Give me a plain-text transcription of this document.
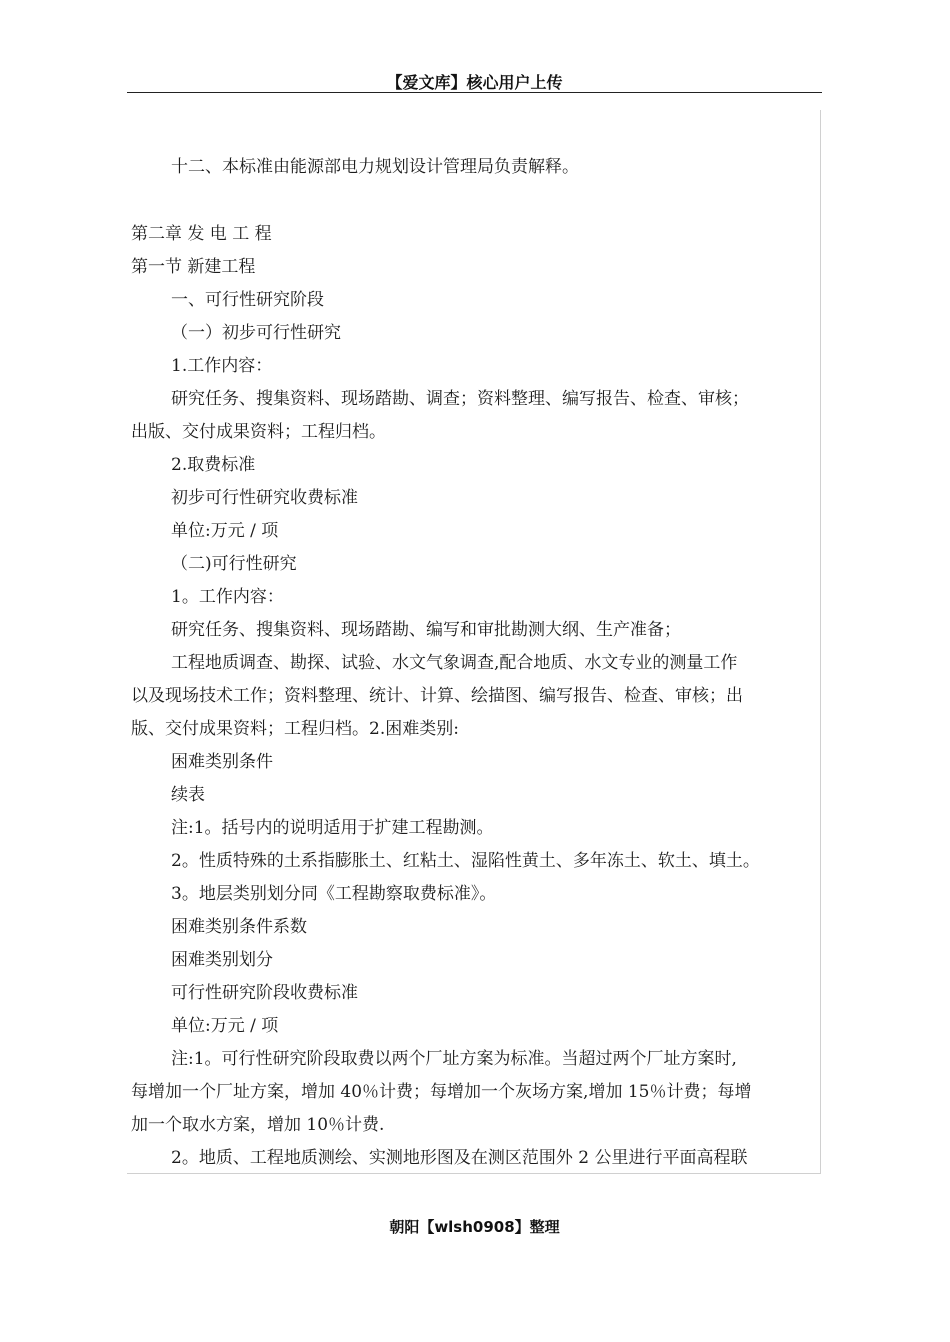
【爱文库】核心用户上传
十二、本标准由能源部电力规划设计管理局负责解释。
第二章 发 电 工 程
第一节 新建工程
一、可行性研究阶段
（一）初步可行性研究
1.工作内容：
研究任务、搜集资料、现场踏勘、调查；资料整理、编写报告、检查、审核；
出版、交付成果资料；工程归档。
2.取费标准
初步可行性研究收费标准
单位:万元 / 项
（二)可行性研究
1。工作内容：
研究任务、搜集资料、现场踏勘、编写和审批勘测大纲、生产准备；
工程地质调查、勘探、试验、水文气象调查,配合地质、水文专业的测量工作
以及现场技术工作；资料整理、统计、计算、绘描图、编写报告、检查、审核；出
版、交付成果资料；工程归档。2.困难类别:
困难类别条件
续表
注:1。括号内的说明适用于扩建工程勘测。
2。性质特殊的土系指膨胀土、红粘土、湿陷性黄土、多年冻土、软土、填土。
3。地层类别划分同《工程勘察取费标准》。
困难类别条件系数
困难类别划分
可行性研究阶段收费标准
单位:万元 / 项
注:1。可行性研究阶段取费以两个厂址方案为标准。当超过两个厂址方案时,
每增加一个厂址方案，增加 40％计费；每增加一个灰场方案,增加 15％计费；每增
加一个取水方案，增加 10％计费.
2。地质、工程地质测绘、实测地形图及在测区范围外 2 公里进行平面高程联
朝阳【wlsh0908】整理
